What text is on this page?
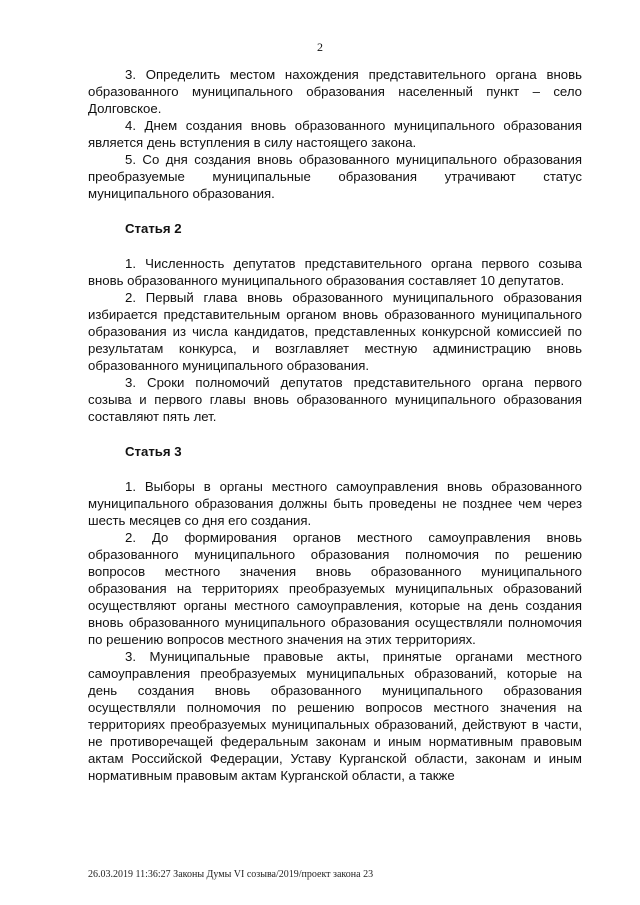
2

3. Определить местом нахождения представительного органа вновь образованного муниципального образования населенный пункт – село Долговское.

4. Днем создания вновь образованного муниципального образования является день вступления в силу настоящего закона.

5. Со дня создания вновь образованного муниципального образования преобразуемые муниципальные образования утрачивают статус муниципального образования.

Статья 2

1. Численность депутатов представительного органа первого созыва вновь образованного муниципального образования составляет 10 депутатов.

2. Первый глава вновь образованного муниципального образования избирается представительным органом вновь образованного муниципального образования из числа кандидатов, представленных конкурсной комиссией по результатам конкурса, и возглавляет местную администрацию вновь образованного муниципального образования.

3. Сроки полномочий депутатов представительного органа первого созыва и первого главы вновь образованного муниципального образования составляют пять лет.

Статья 3

1. Выборы в органы местного самоуправления вновь образованного муниципального образования должны быть проведены не позднее чем через шесть месяцев со дня его создания.

2. До формирования органов местного самоуправления вновь образованного муниципального образования полномочия по решению вопросов местного значения вновь образованного муниципального образования на территориях преобразуемых муниципальных образований осуществляют органы местного самоуправления, которые на день создания вновь образованного муниципального образования осуществляли полномочия по решению вопросов местного значения на этих территориях.

3. Муниципальные правовые акты, принятые органами местного самоуправления преобразуемых муниципальных образований, которые на день создания вновь образованного муниципального образования осуществляли полномочия по решению вопросов местного значения на территориях преобразуемых муниципальных образований, действуют в части, не противоречащей федеральным законам и иным нормативным правовым актам Российской Федерации, Уставу Курганской области, законам и иным нормативным правовым актам Курганской области, а также

26.03.2019 11:36:27 Законы Думы VI созыва/2019/проект закона 23
